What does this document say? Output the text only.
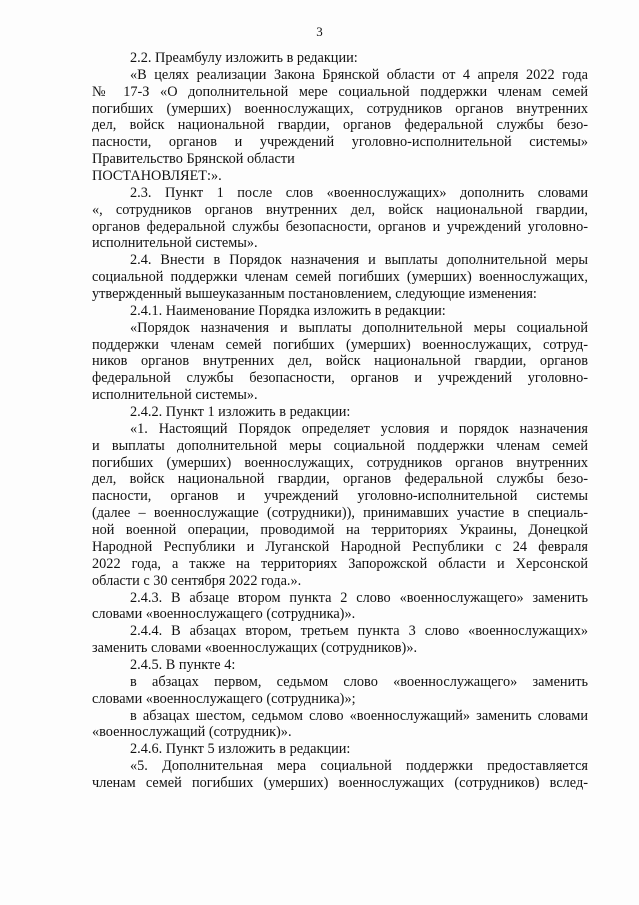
3
2.2. Преамбулу изложить в редакции:
«В целях реализации Закона Брянской области от 4 апреля 2022 года
№ 17-З «О дополнительной мере социальной поддержки членам семей
погибших (умерших) военнослужащих, сотрудников органов внутренних
дел, войск национальной гвардии, органов федеральной службы безо-
пасности, органов и учреждений уголовно-исполнительной системы»
Правительство Брянской области
ПОСТАНОВЛЯЕТ:».
2.3. Пункт 1 после слов «военнослужащих» дополнить словами
«, сотрудников органов внутренних дел, войск национальной гвардии,
органов федеральной службы безопасности, органов и учреждений уголовно-
исполнительной системы».
2.4. Внести в Порядок назначения и выплаты дополнительной меры
социальной поддержки членам семей погибших (умерших) военнослужащих,
утвержденный вышеуказанным постановлением, следующие изменения:
2.4.1. Наименование Порядка изложить в редакции:
«Порядок назначения и выплаты дополнительной меры социальной
поддержки членам семей погибших (умерших) военнослужащих, сотруд-
ников органов внутренних дел, войск национальной гвардии, органов
федеральной службы безопасности, органов и учреждений уголовно-
исполнительной системы».
2.4.2. Пункт 1 изложить в редакции:
«1. Настоящий Порядок определяет условия и порядок назначения
и выплаты дополнительной меры социальной поддержки членам семей
погибших (умерших) военнослужащих, сотрудников органов внутренних
дел, войск национальной гвардии, органов федеральной службы безо-
пасности, органов и учреждений уголовно-исполнительной системы
(далее – военнослужащие (сотрудники)), принимавших участие в специаль-
ной военной операции, проводимой на территориях Украины, Донецкой
Народной Республики и Луганской Народной Республики с 24 февраля
2022 года, а также на территориях Запорожской области и Херсонской
области с 30 сентября 2022 года.».
2.4.3. В абзаце втором пункта 2 слово «военнослужащего» заменить
словами «военнослужащего (сотрудника)».
2.4.4. В абзацах втором, третьем пункта 3 слово «военнослужащих»
заменить словами «военнослужащих (сотрудников)».
2.4.5. В пункте 4:
в абзацах первом, седьмом слово «военнослужащего» заменить
словами «военнослужащего (сотрудника)»;
в абзацах шестом, седьмом слово «военнослужащий» заменить словами
«военнослужащий (сотрудник)».
2.4.6. Пункт 5 изложить в редакции:
«5. Дополнительная мера социальной поддержки предоставляется
членам семей погибших (умерших) военнослужащих (сотрудников) вслед-
